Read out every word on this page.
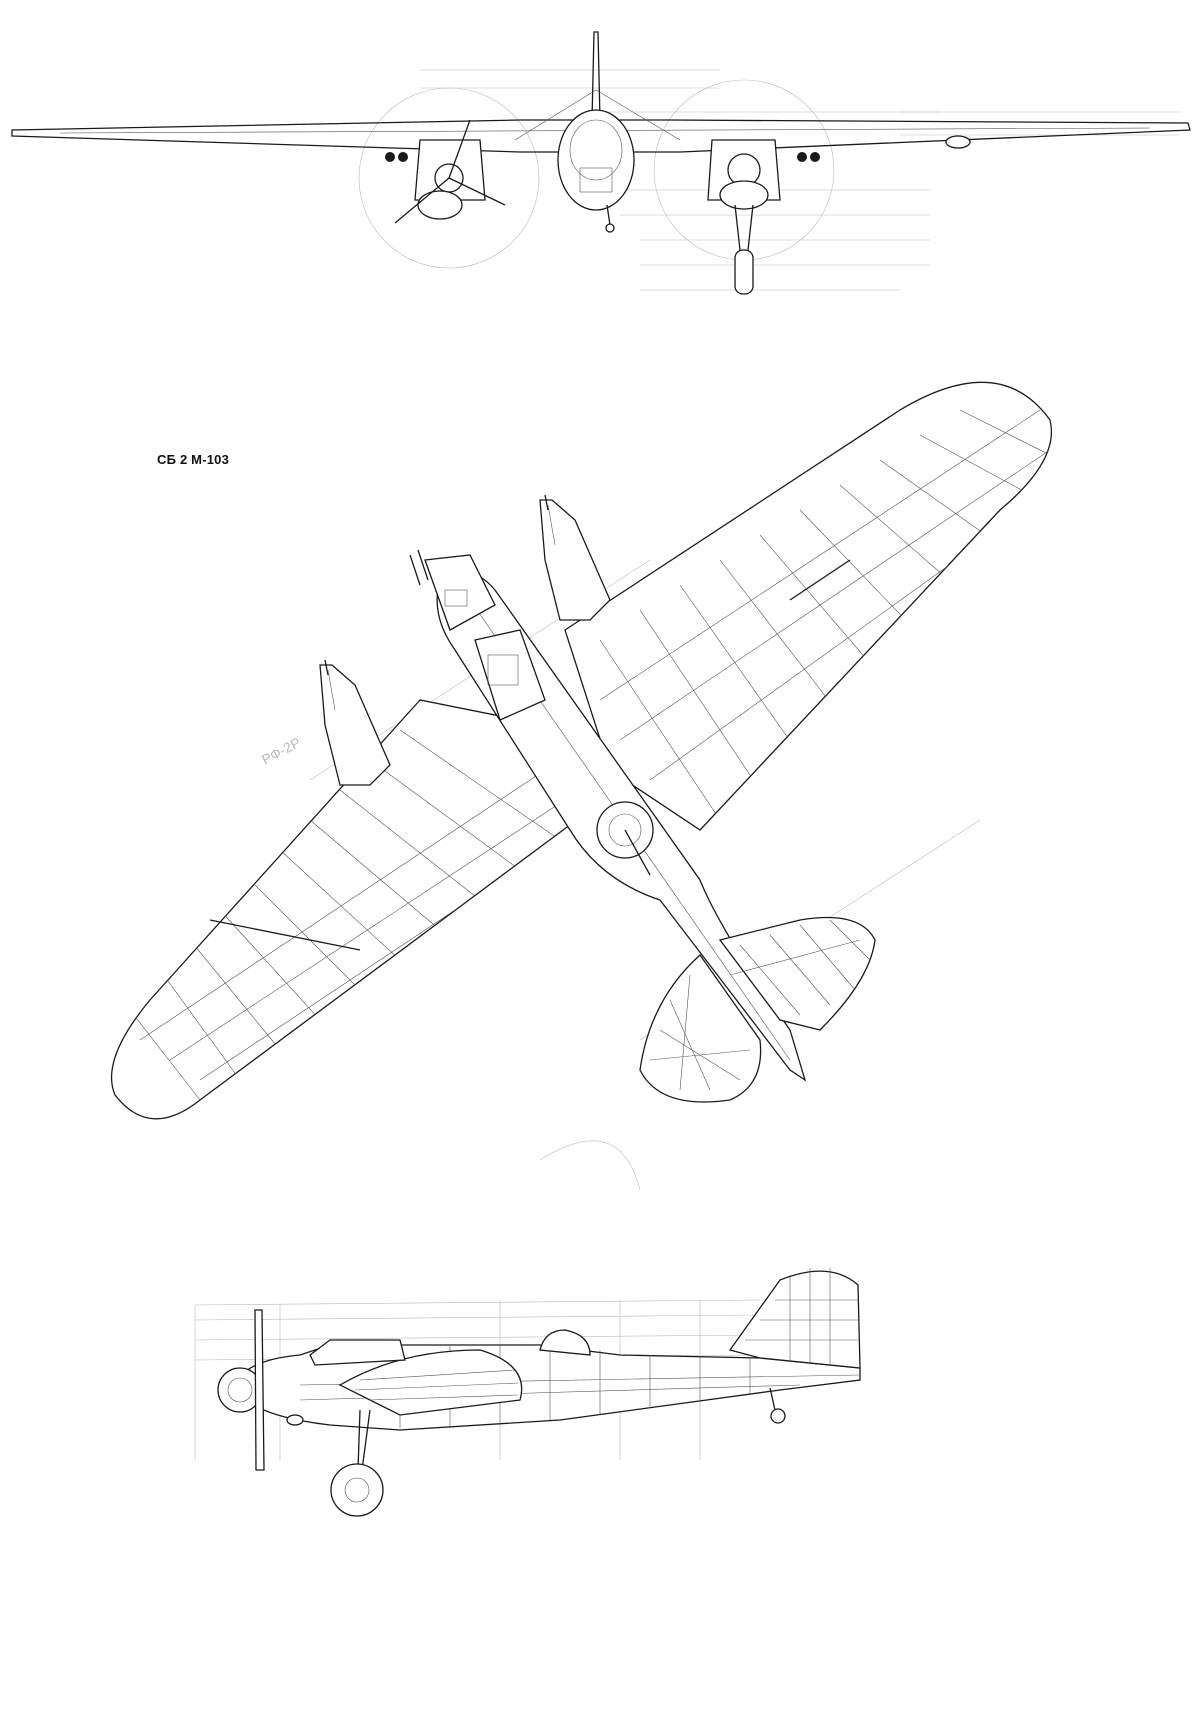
СБ 2 М-103
РФ-2Р
